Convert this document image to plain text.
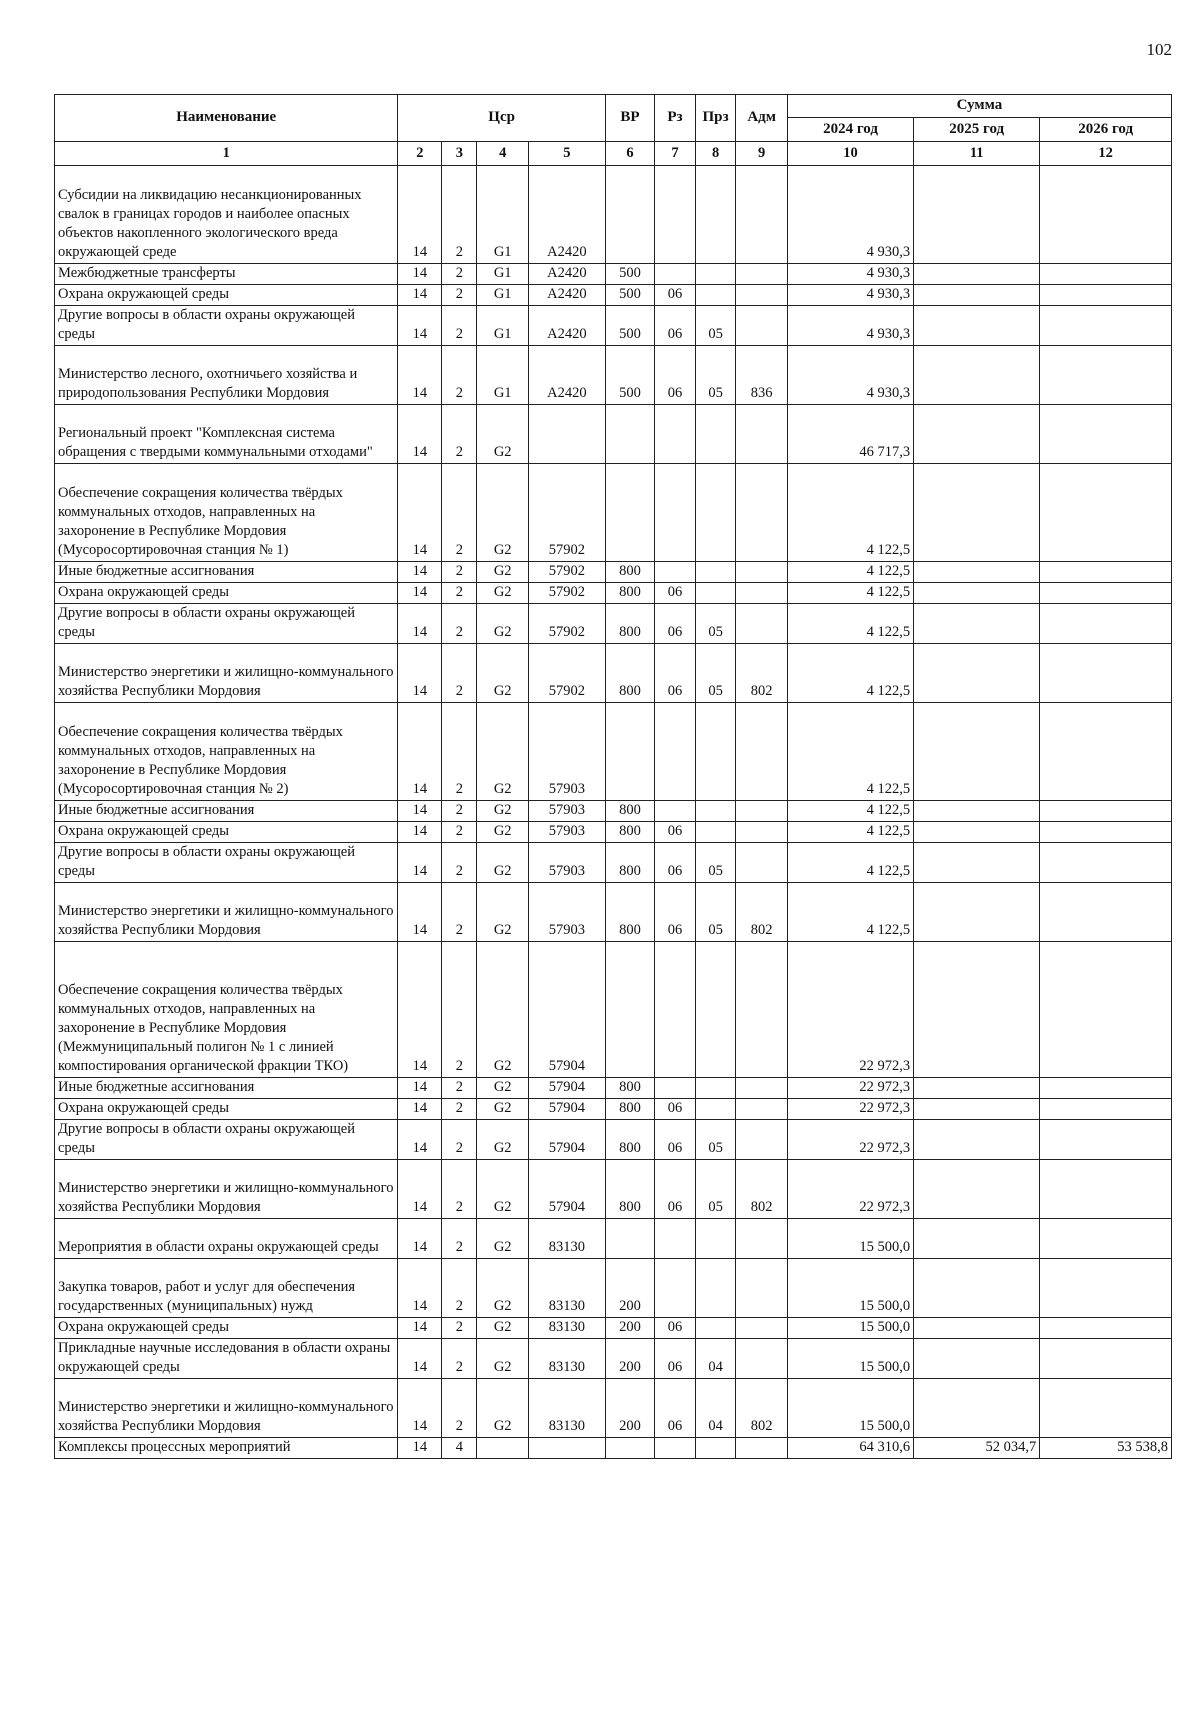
102
Наименование	Цср				ВР	Рз	Прз	Адм	Сумма		
									2024 год	2025 год	2026 год
1	2	3	4	5	6	7	8	9	10	11	12
Субсидии на ликвидацию несанкционированных свалок в границах городов и наиболее опасных объектов накопленного экологического вреда окружающей среде	14	2	G1	А2420					4 930,3		
Межбюджетные трансферты	14	2	G1	А2420	500				4 930,3		
Охрана окружающей среды	14	2	G1	А2420	500	06			4 930,3		
Другие вопросы в области охраны окружающей среды	14	2	G1	А2420	500	06	05		4 930,3		
Министерство лесного, охотничьего хозяйства и природопользования Республики Мордовия	14	2	G1	А2420	500	06	05	836	4 930,3		
Региональный проект "Комплексная система обращения с твердыми коммунальными отходами"	14	2	G2						46 717,3		
Обеспечение сокращения количества твёрдых коммунальных отходов, направленных на захоронение в Республике Мордовия (Мусоросортировочная станция № 1)	14	2	G2	57902					4 122,5		
Иные бюджетные ассигнования	14	2	G2	57902	800				4 122,5		
Охрана окружающей среды	14	2	G2	57902	800	06			4 122,5		
Другие вопросы в области охраны окружающей среды	14	2	G2	57902	800	06	05		4 122,5		
Министерство энергетики и жилищно-коммунального хозяйства Республики Мордовия	14	2	G2	57902	800	06	05	802	4 122,5		
Обеспечение сокращения количества твёрдых коммунальных отходов, направленных на захоронение в Республике Мордовия (Мусоросортировочная станция № 2)	14	2	G2	57903					4 122,5		
Иные бюджетные ассигнования	14	2	G2	57903	800				4 122,5		
Охрана окружающей среды	14	2	G2	57903	800	06			4 122,5		
Другие вопросы в области охраны окружающей среды	14	2	G2	57903	800	06	05		4 122,5		
Министерство энергетики и жилищно-коммунального хозяйства Республики Мордовия	14	2	G2	57903	800	06	05	802	4 122,5		
Обеспечение сокращения количества твёрдых коммунальных отходов, направленных на захоронение в Республике Мордовия (Межмуниципальный полигон № 1 с линией компостирования органической фракции ТКО)	14	2	G2	57904					22 972,3		
Иные бюджетные ассигнования	14	2	G2	57904	800				22 972,3		
Охрана окружающей среды	14	2	G2	57904	800	06			22 972,3		
Другие вопросы в области охраны окружающей среды	14	2	G2	57904	800	06	05		22 972,3		
Министерство энергетики и жилищно-коммунального хозяйства Республики Мордовия	14	2	G2	57904	800	06	05	802	22 972,3		
Мероприятия в области охраны окружающей среды	14	2	G2	83130					15 500,0		
Закупка товаров, работ и услуг для обеспечения государственных (муниципальных) нужд	14	2	G2	83130	200				15 500,0		
Охрана окружающей среды	14	2	G2	83130	200	06			15 500,0		
Прикладные научные исследования в области охраны окружающей среды	14	2	G2	83130	200	06	04		15 500,0		
Министерство энергетики и жилищно-коммунального хозяйства Республики Мордовия	14	2	G2	83130	200	06	04	802	15 500,0		
Комплексы процессных мероприятий	14	4							64 310,6	52 034,7	53 538,8
